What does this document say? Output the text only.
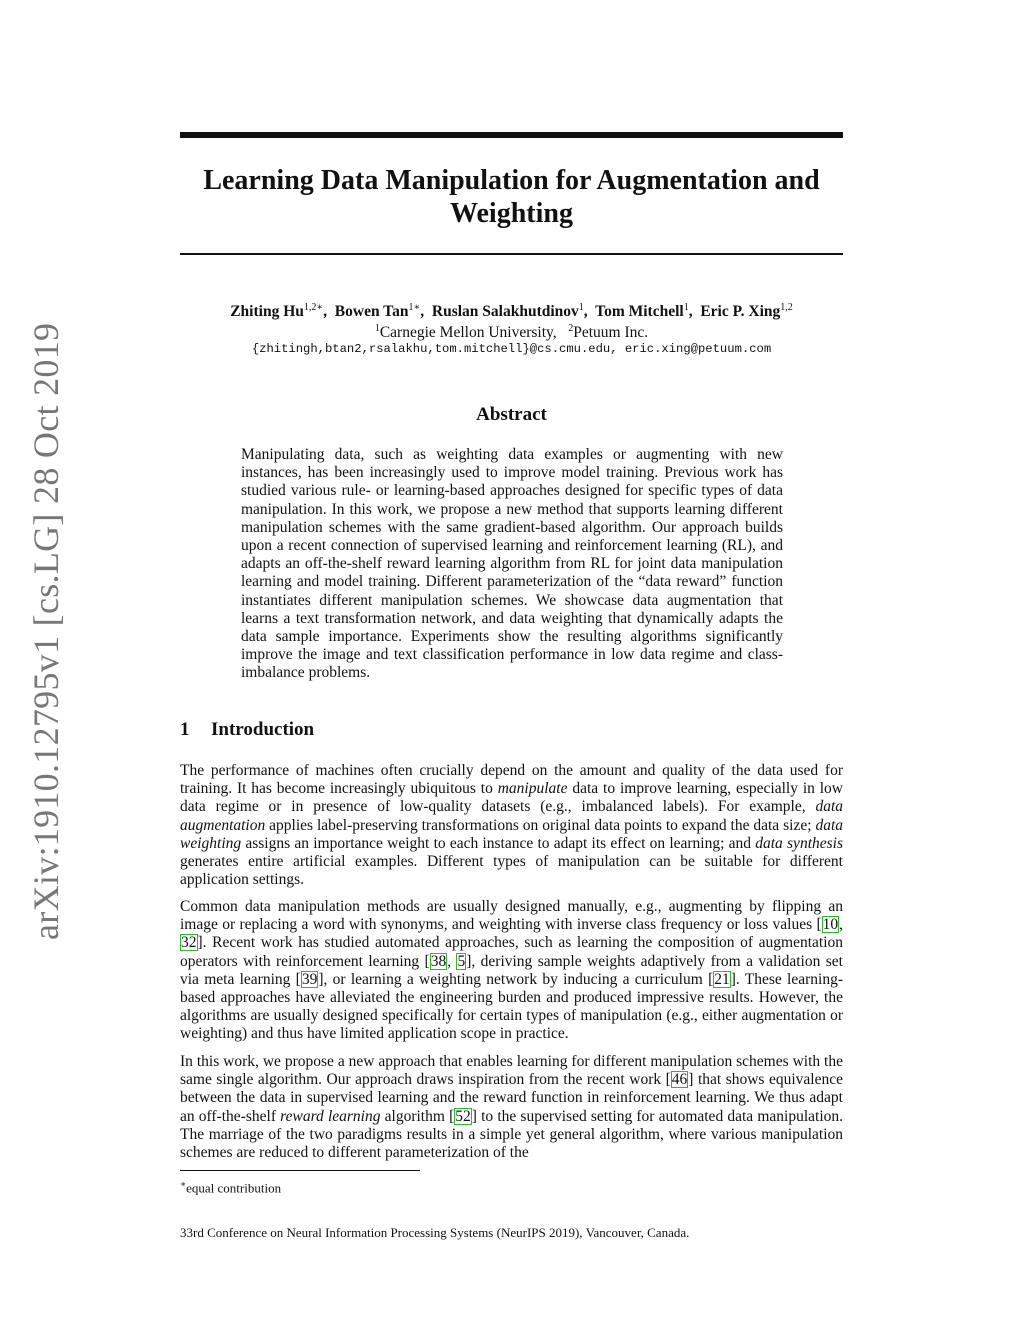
arXiv:1910.12795v1 [cs.LG] 28 Oct 2019
Learning Data Manipulation for Augmentation and
Weighting

Zhiting $Hu^{1,2∗}$,  Bowen Tan$^{1∗}$,  Ruslan Salakhutdinov$^1$,  Tom Mitchell$^1$,  Eric P. Xing$^{1,2}$

$^1$Carnegie Mellon University, $^2$Petuum Inc.

{zhitingh,btan2,rsalakhu,tom.mitchell}@cs.cmu.edu, eric.xing@petuum.com

Abstract

Manipulating data, such as weighting data examples or augmenting with new instances, has been increasingly used to improve model training. Previous work has studied various rule- or learning-based approaches designed for specific types of data manipulation. In this work, we propose a new method that supports learning different manipulation schemes with the same gradient-based algorithm. Our approach builds upon a recent connection of supervised learning and reinforcement learning (RL), and adapts an off-the-shelf reward learning algorithm from RL for joint data manipulation learning and model training. Different parameterization of the “data reward” function instantiates different manipulation schemes. We showcase data augmentation that learns a text transformation network, and data weighting that dynamically adapts the data sample importance. Experiments show the resulting algorithms significantly improve the image and text classification performance in low data regime and class-imbalance problems.

1 Introduction

The performance of machines often crucially depend on the amount and quality of the data used for training. It has become increasingly ubiquitous to manipulate data to improve learning, especially in low data regime or in presence of low-quality datasets (e.g., imbalanced labels). For example, data augmentation applies label-preserving transformations on original data points to expand the data size; data weighting assigns an importance weight to each instance to adapt its effect on learning; and data synthesis generates entire artificial examples. Different types of manipulation can be suitable for different application settings.

Common data manipulation methods are usually designed manually, e.g., augmenting by flipping an image or replacing a word with synonyms, and weighting with inverse class frequency or loss values [10, 32]. Recent work has studied automated approaches, such as learning the composition of augmentation operators with reinforcement learning [38, 5], deriving sample weights adaptively from a validation set via meta learning [39], or learning a weighting network by inducing a curriculum [21]. These learning-based approaches have alleviated the engineering burden and produced impressive results. However, the algorithms are usually designed specifically for certain types of manipulation (e.g., either augmentation or weighting) and thus have limited application scope in practice.

In this work, we propose a new approach that enables learning for different manipulation schemes with the same single algorithm. Our approach draws inspiration from the recent work [46] that shows equivalence between the data in supervised learning and the reward function in reinforcement learning. We thus adapt an off-the-shelf reward learning algorithm [52] to the supervised setting for automated data manipulation. The marriage of the two paradigms results in a simple yet general algorithm, where various manipulation schemes are reduced to different parameterization of the

∗equal contribution

33rd Conference on Neural Information Processing Systems (NeurIPS 2019), Vancouver, Canada.
